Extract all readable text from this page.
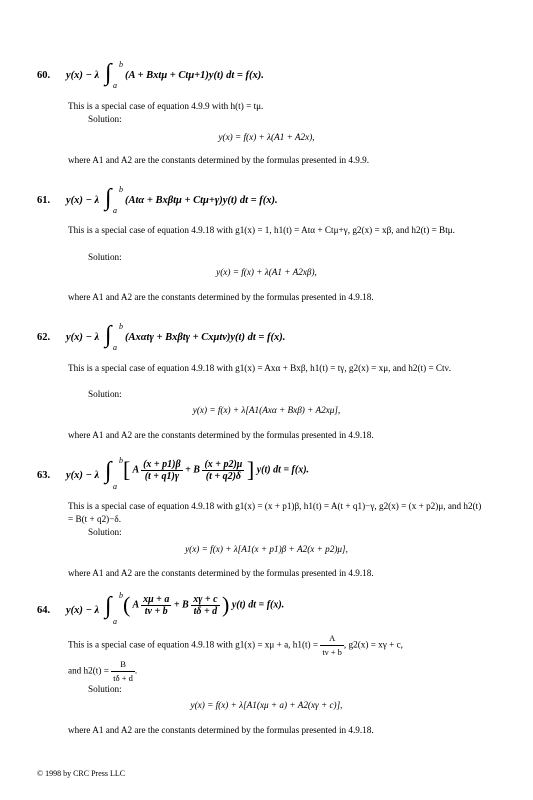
60. y(x) − λ ∫ b
a
(A + Bxtμ + Ctμ+1)y(t) dt = f(x).
This is a special case of equation 4.9.9 with h(t) = tμ.
Solution:
y(x) = f(x) + λ(A1 + A2x),
where A1 and A2 are the constants determined by the formulas presented in 4.9.9.
61. y(x) − λ ∫ b
a
(Atα + Bxβtμ + Ctμ+γ)y(t) dt = f(x).
This is a special case of equation 4.9.18 with g1(x) = 1, h1(t) = Atα + Ctμ+γ, g2(x) = xβ, and h2(t) = Btμ.
Solution:
y(x) = f(x) + λ(A1 + A2xβ),
where A1 and A2 are the constants determined by the formulas presented in 4.9.18.
62. y(x) − λ ∫ b
a
(Axαtγ + Bxβtγ + Cxμtν)y(t) dt = f(x).
This is a special case of equation 4.9.18 with g1(x) = Axα + Bxβ, h1(t) = tγ, g2(x) = xμ, and h2(t) = Ctν.
Solution:
y(x) = f(x) + λ[A1(Axα + Bxβ) + A2xμ],
where A1 and A2 are the constants determined by the formulas presented in 4.9.18.
63. y(x) − λ ∫ b
a
[ A $\frac{(x + p1)\beta}{(t + q1)\gamma} + B \frac{(x + p2)\mu}{(t + q2)\delta}$ ] y(t) dt = f(x).
This is a special case of equation 4.9.18 with g1(x) = (x + p1)β, h1(t) = A(t + q1)−γ, g2(x) = (x + p2)μ, and h2(t) = B(t + q2)−δ.
Solution:
y(x) = f(x) + λ[A1(x + p1)β + A2(x + p2)μ],
where A1 and A2 are the constants determined by the formulas presented in 4.9.18.
64. y(x) − λ ∫ b
a
( A $\frac{x\mu + a}{t\nu + b} + B \frac{x\gamma + c}{t\delta + d}$ ) y(t) dt = f(x).
This is a special case of equation 4.9.18 with g1(x) = xμ + a, $h1(t) = \frac{A}{t\nu + b}$ , g2(x) = xγ + c,
and $h2(t) = \frac{B}{t\delta + d}$ .
Solution:
y(x) = f(x) + λ[A1(xμ + a) + A2(xγ + c)],
where A1 and A2 are the constants determined by the formulas presented in 4.9.18.
© 1998 by CRC Press LLC
